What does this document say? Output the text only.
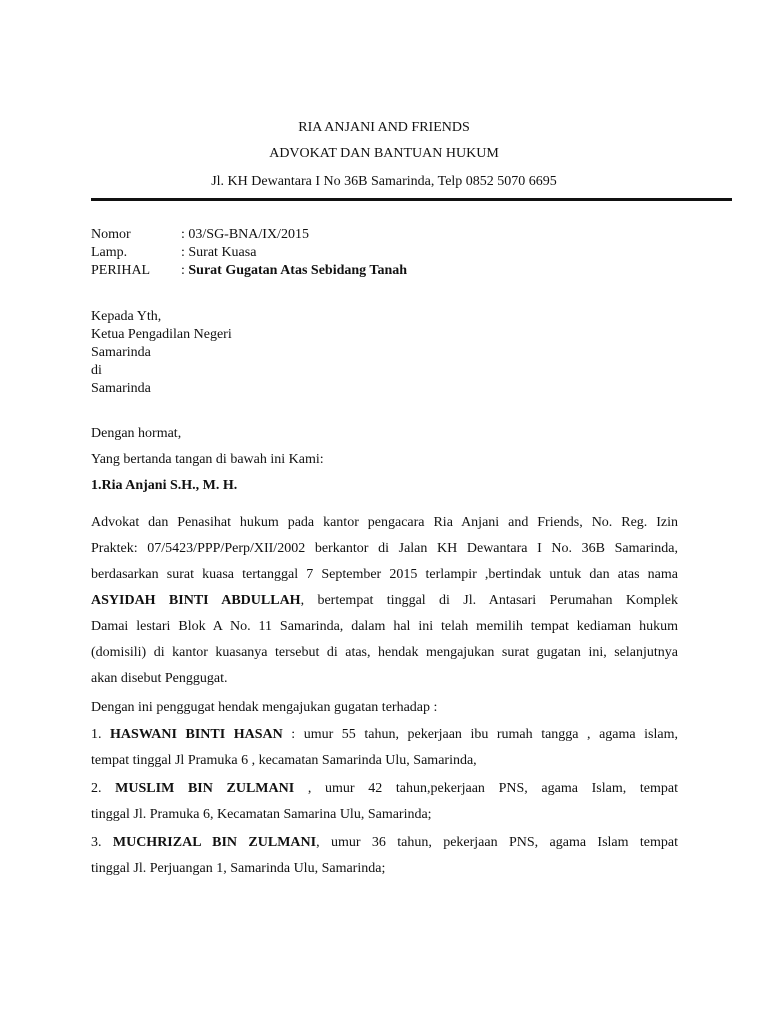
RIA ANJANI AND FRIENDS
ADVOKAT DAN BANTUAN HUKUM
Jl. KH Dewantara I No 36B Samarinda, Telp 0852 5070 6695
Nomor	: 03/SG-BNA/IX/2015
Lamp.	: Surat Kuasa
PERIHAL : Surat Gugatan Atas Sebidang Tanah
Kepada Yth,
Ketua Pengadilan Negeri
Samarinda
di
Samarinda
Dengan hormat,
Yang bertanda tangan di bawah ini Kami:
1.Ria Anjani S.H., M. H.
Advokat dan Penasihat hukum pada kantor pengacara Ria Anjani and Friends, No. Reg. Izin
Praktek: 07/5423/PPP/Perp/XII/2002 berkantor di Jalan KH Dewantara I No. 36B Samarinda,
berdasarkan surat kuasa tertanggal 7 September 2015 terlampir ,bertindak untuk dan atas nama
ASYIDAH BINTI ABDULLAH, bertempat tinggal di Jl. Antasari Perumahan Komplek
Damai lestari Blok A No. 11 Samarinda, dalam hal ini telah memilih tempat kediaman hukum
(domisili) di kantor kuasanya tersebut di atas, hendak mengajukan surat gugatan ini, selanjutnya
akan disebut Penggugat.
Dengan ini penggugat hendak mengajukan gugatan terhadap :
1. HASWANI BINTI HASAN : umur 55 tahun, pekerjaan ibu rumah tangga , agama islam,
tempat tinggal Jl Pramuka 6 , kecamatan Samarinda Ulu, Samarinda,
2. MUSLIM BIN ZULMANI , umur 42 tahun,pekerjaan PNS, agama Islam, tempat
tinggal Jl. Pramuka 6, Kecamatan Samarina Ulu, Samarinda;
3. MUCHRIZAL BIN ZULMANI, umur 36 tahun, pekerjaan PNS, agama Islam tempat
tinggal Jl. Perjuangan 1, Samarinda Ulu, Samarinda;
